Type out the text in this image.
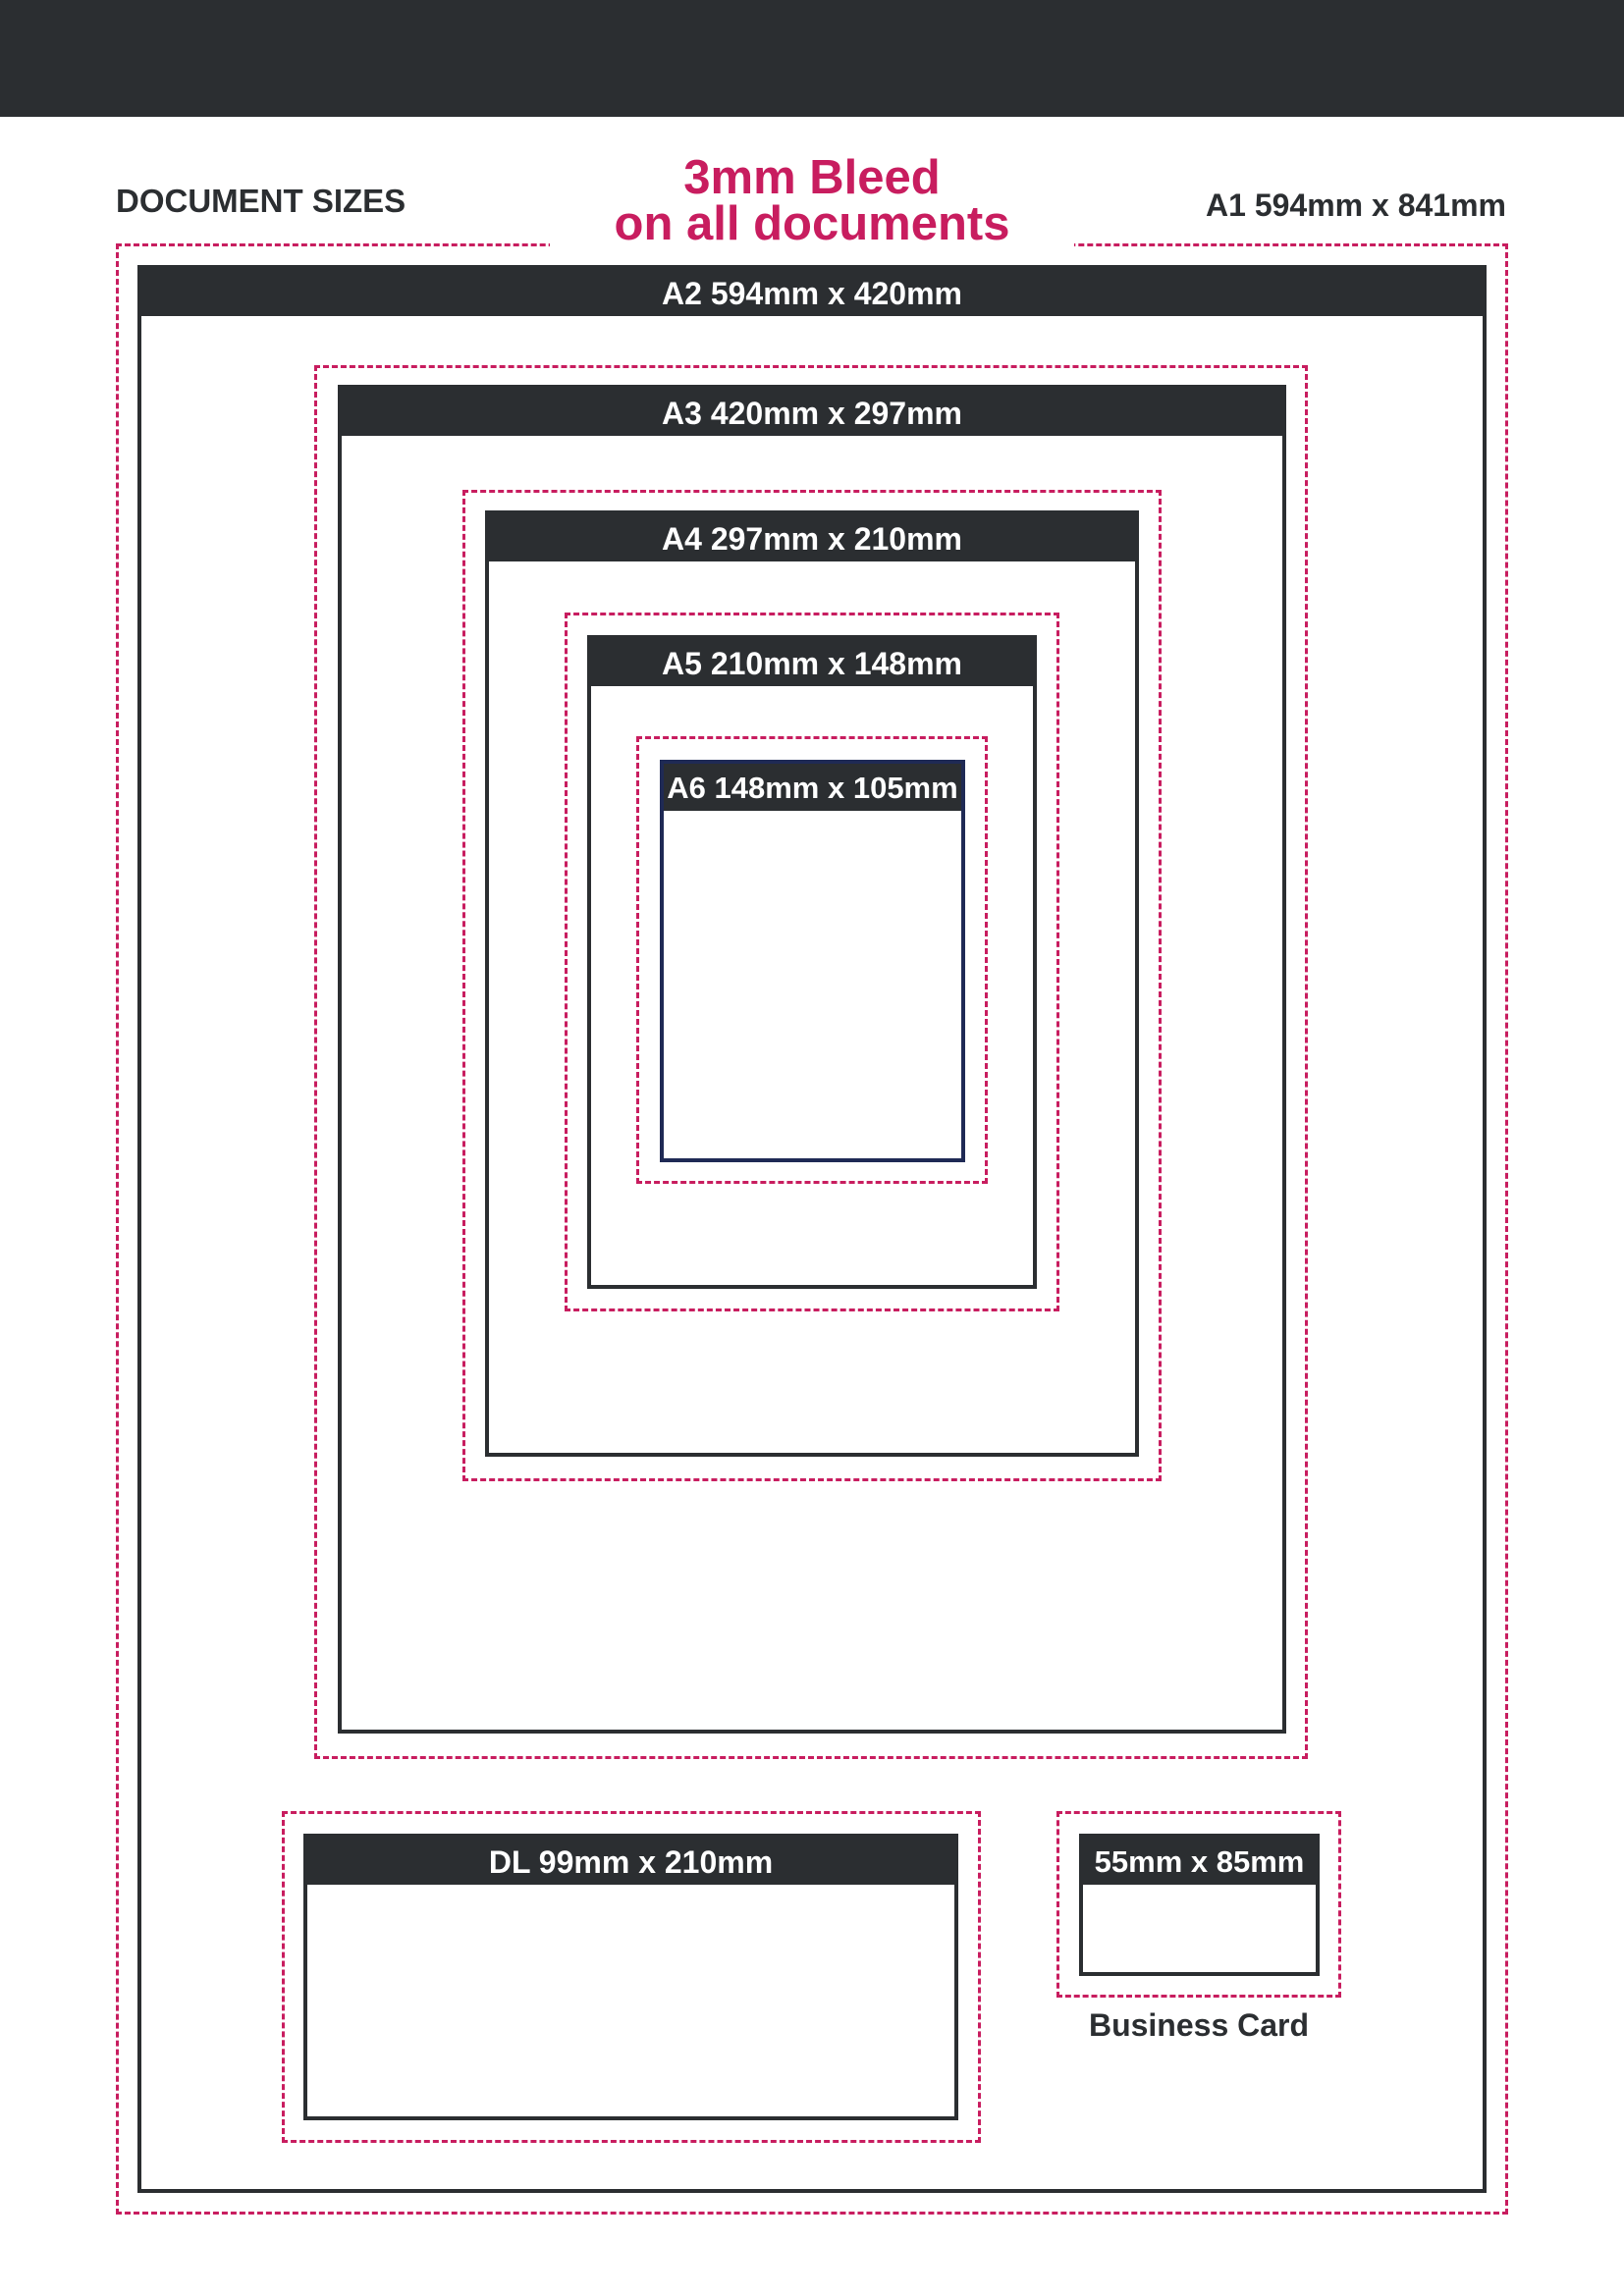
DOCUMENT SIZES	A1 594mm x 841mm
3mm Bleed
on all documents
A2 594mm x 420mm
A3 420mm x 297mm
A4 297mm x 210mm
A5 210mm x 148mm
A6 148mm x 105mm
DL 99mm x 210mm	55mm x 85mm
Business Card
